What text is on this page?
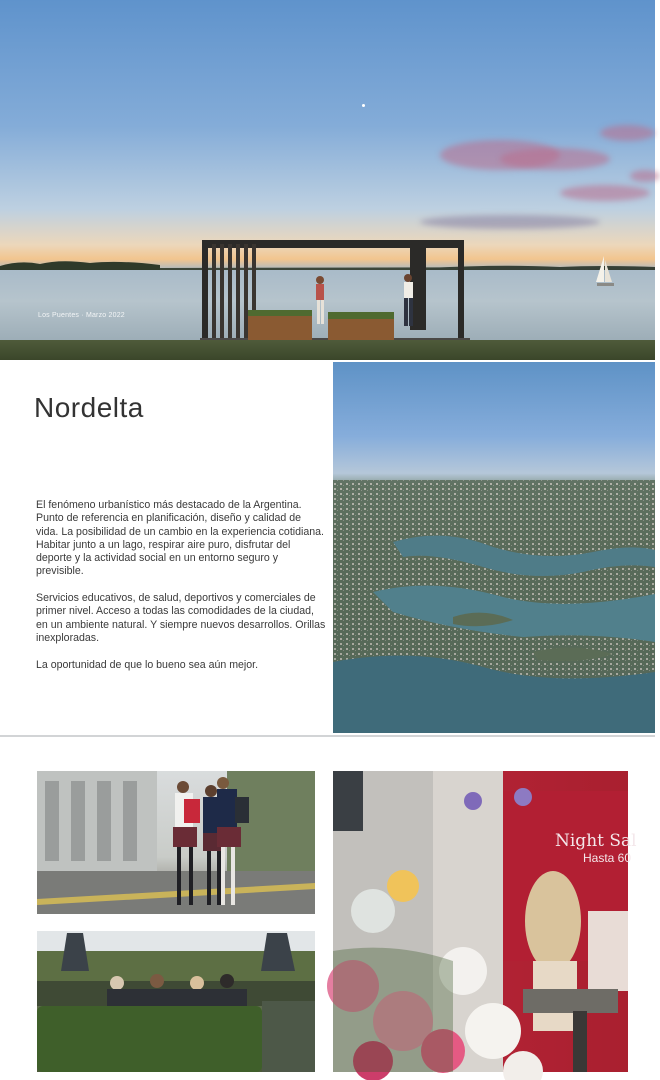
Los Puentes · Marzo 2022
Nordelta

El fenómeno urbanístico más destacado de la Argentina. Punto de referencia en planificación, diseño y calidad de vida. La posibilidad de un cambio en la experiencia cotidiana. Habitar junto a un lago, respirar aire puro, disfrutar del deporte y la actividad social en un entorno seguro y previsible.

Servicios educativos, de salud, deportivos y comerciales de primer nivel. Acceso a todas las comodidades de la ciudad, en un ambiente natural. Y siempre nuevos desarrollos. Orillas inexploradas.

La oportunidad de que lo bueno sea aún mejor.

Night Sal
Hasta 60
